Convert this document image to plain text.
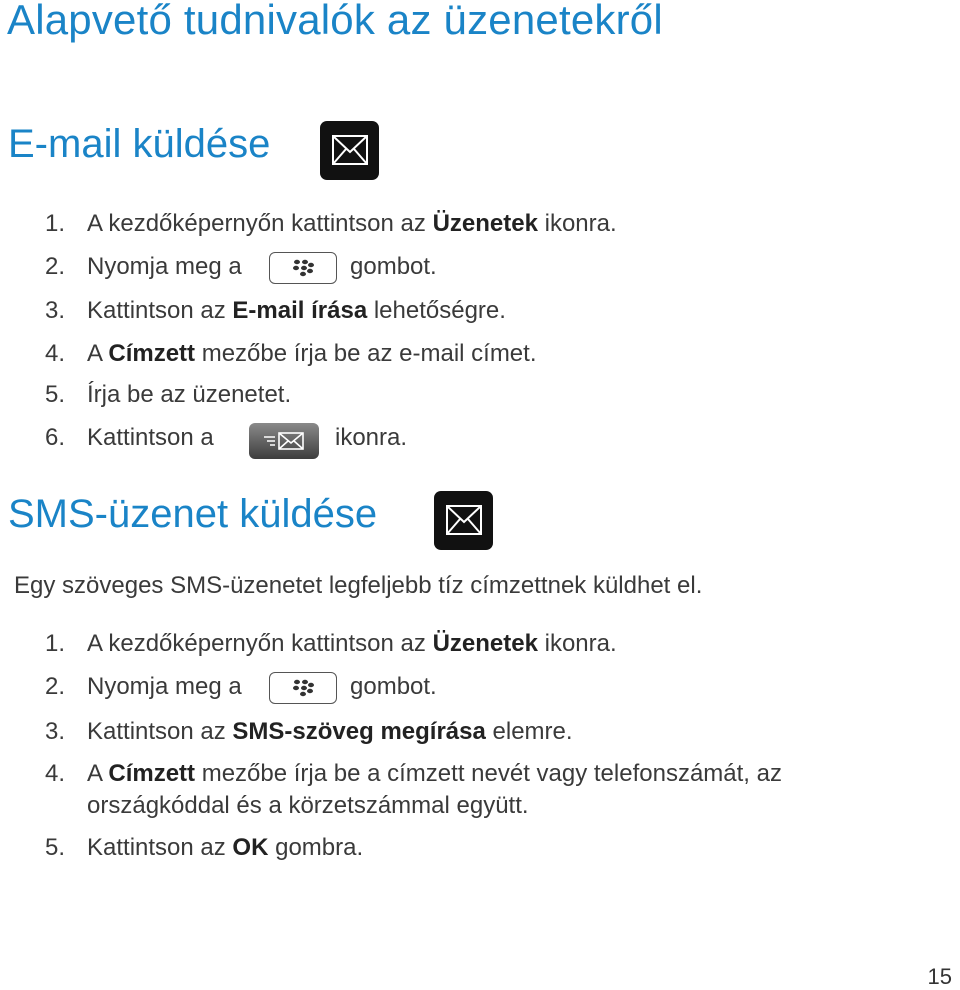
Alapvető tudnivalók az üzenetekről
E-mail küldése
1. A kezdőképernyőn kattintson az Üzenetek ikonra.
2. Nyomja meg a	gombot.
3. Kattintson az E-mail írása lehetőségre.
4. A Címzett mezőbe írja be az e-mail címet.
5. Írja be az üzenetet.
6. Kattintson a	ikonra.
SMS-üzenet küldése
Egy szöveges SMS-üzenetet legfeljebb tíz címzettnek küldhet el.
1. A kezdőképernyőn kattintson az Üzenetek ikonra.
2. Nyomja meg a	gombot.
3. Kattintson az SMS-szöveg megírása elemre.
4. A Címzett mezőbe írja be a címzett nevét vagy telefonszámát, az
országkóddal és a körzetszámmal együtt.
5. Kattintson az OK gombra.
15
